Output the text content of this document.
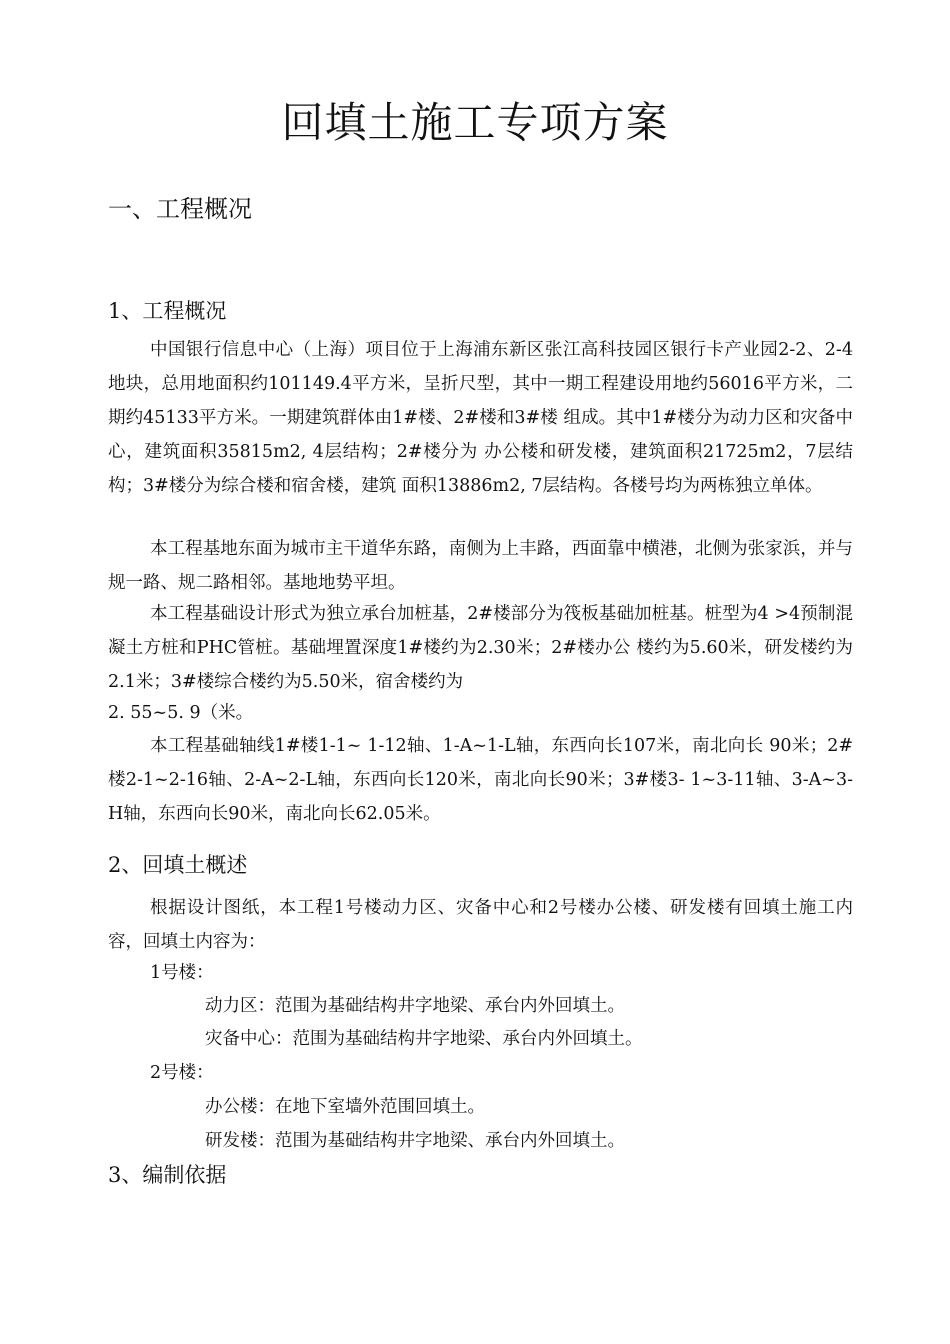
回填土施工专项方案
一、工程概况
1、工程概况

中国银行信息中心（上海）项目位于上海浦东新区张江高科技园区银行卡产业园2-2、2-4地块，总用地面积约101149.4平方米，呈折尺型，其中一期工程建设用地约56016平方米，二期约45133平方米。一期建筑群体由1#楼、2#楼和3#楼 组成。其中1#楼分为动力区和灾备中心，建筑面积35815m2, 4层结构；2#楼分为 办公楼和研发楼，建筑面积21725m2，7层结构；3#楼分为综合楼和宿舍楼，建筑 面积13886m2, 7层结构。各楼号均为两栋独立单体。

本工程基地东面为城市主干道华东路，南侧为上丰路，西面靠中横港，北侧为张家浜，并与规一路、规二路相邻。基地地势平坦。

本工程基础设计形式为独立承台加桩基，2#楼部分为筏板基础加桩基。桩型为4 >4预制混凝土方桩和PHC管桩。基础埋置深度1#楼约为2.30米；2#楼办公 楼约为5.60米，研发楼约为2.1米；3#楼综合楼约为5.50米，宿舍楼约为

2. 55~5. 9（米。

本工程基础轴线1#楼1-1~ 1-12轴、1-A~1-L轴，东西向长107米，南北向长 90米；2#楼2-1~2-16轴、2-A~2-L轴，东西向长120米，南北向长90米；3#楼3- 1~3-11轴、3-A~3-H轴，东西向长90米，南北向长62.05米。

2、回填土概述

根据设计图纸，本工程1号楼动力区、灾备中心和2号楼办公楼、研发楼有回填土施工内容，回填土内容为：

1号楼：
动力区：范围为基础结构井字地梁、承台内外回填土。
灾备中心：范围为基础结构井字地梁、承台内外回填土。
2号楼：
办公楼：在地下室墙外范围回填土。
研发楼：范围为基础结构井字地梁、承台内外回填土。
3、编制依据
